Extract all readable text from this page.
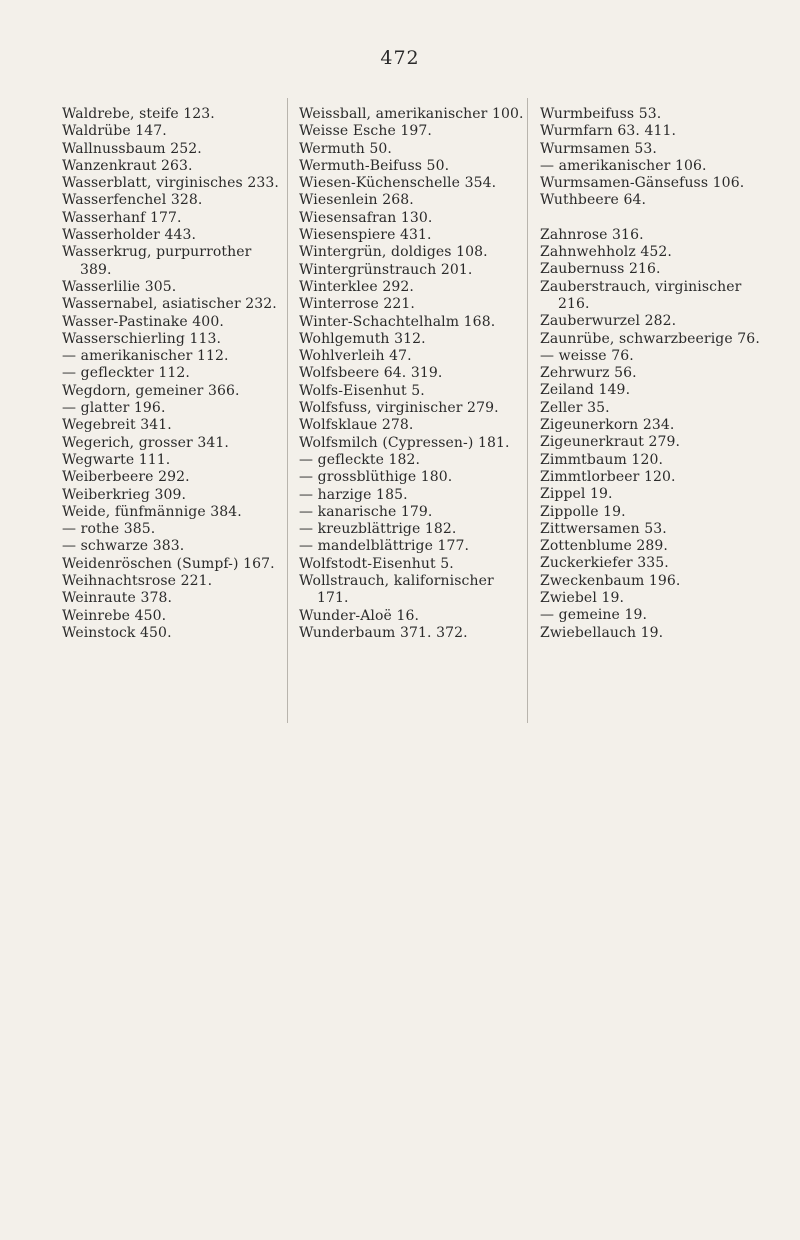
472
Waldrebe, steife 123.
Waldrübe 147.
Wallnussbaum 252.
Wanzenkraut 263.
Wasserblatt, virginisches 233.
Wasserfenchel 328.
Wasserhanf 177.
Wasserholder 443.
Wasserkrug, purpurrother
389.
Wasserlilie 305.
Wassernabel, asiatischer 232.
Wasser-Pastinake 400.
Wasserschierling 113.
— amerikanischer 112.
— gefleckter 112.
Wegdorn, gemeiner 366.
— glatter 196.
Wegebreit 341.
Wegerich, grosser 341.
Wegwarte 111.
Weiberbeere 292.
Weiberkrieg 309.
Weide, fünfmännige 384.
— rothe 385.
— schwarze 383.
Weidenröschen (Sumpf-) 167.
Weihnachtsrose 221.
Weinraute 378.
Weinrebe 450.
Weinstock 450.
Weissball, amerikanischer 100.
Weisse Esche 197.
Wermuth 50.
Wermuth-Beifuss 50.
Wiesen-Küchenschelle 354.
Wiesenlein 268.
Wiesensafran 130.
Wiesenspiere 431.
Wintergrün, doldiges 108.
Wintergrünstrauch 201.
Winterklee 292.
Winterrose 221.
Winter-Schachtelhalm 168.
Wohlgemuth 312.
Wohlverleih 47.
Wolfsbeere 64. 319.
Wolfs-Eisenhut 5.
Wolfsfuss, virginischer 279.
Wolfsklaue 278.
Wolfsmilch (Cypressen-) 181.
— gefleckte 182.
— grossblüthige 180.
— harzige 185.
— kanarische 179.
— kreuzblättrige 182.
— mandelblättrige 177.
Wolfstodt-Eisenhut 5.
Wollstrauch, kalifornischer
171.
Wunder-Aloë 16.
Wunderbaum 371. 372.
Wurmbeifuss 53.
Wurmfarn 63. 411.
Wurmsamen 53.
— amerikanischer 106.
Wurmsamen-Gänsefuss 106.
Wuthbeere 64.
Zahnrose 316.
Zahnwehholz 452.
Zaubernuss 216.
Zauberstrauch, virginischer
216.
Zauberwurzel 282.
Zaunrübe, schwarzbeerige 76.
— weisse 76.
Zehrwurz 56.
Zeiland 149.
Zeller 35.
Zigeunerkorn 234.
Zigeunerkraut 279.
Zimmtbaum 120.
Zimmtlorbeer 120.
Zippel 19.
Zippolle 19.
Zittwersamen 53.
Zottenblume 289.
Zuckerkiefer 335.
Zweckenbaum 196.
Zwiebel 19.
— gemeine 19.
Zwiebellauch 19.
